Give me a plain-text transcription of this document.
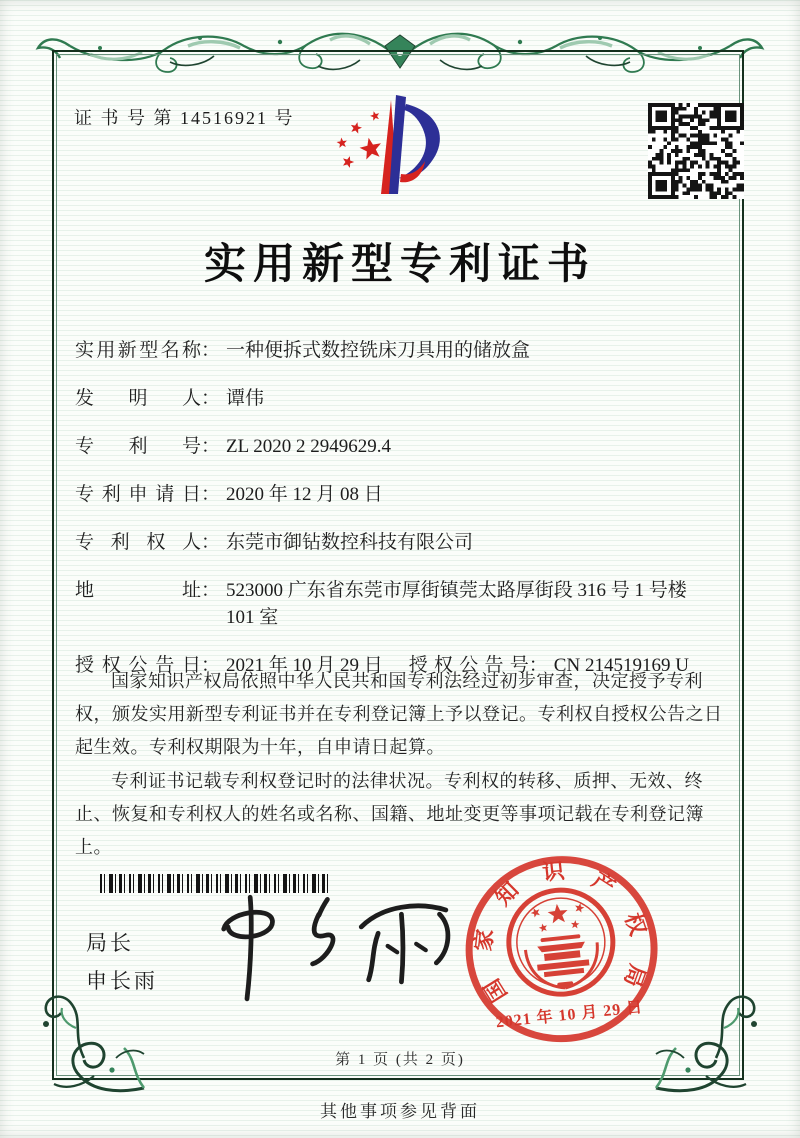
证 书 号 第 14516921 号
实用新型专利证书
实用新型名称 ： 一种便拆式数控铣床刀具用的储放盒
发明人 ： 谭伟
专利号 ： ZL 2020 2 2949629.4
专利申请日 ： 2020 年 12 月 08 日
专利权人 ： 东莞市御钻数控科技有限公司
地址 ： 523000 广东省东莞市厚街镇莞太路厚街段 316 号 1 号楼 101 室
授权公告日 ： 2021 年 10 月 29 日 授权公告号 ： CN 214519169 U

国家知识产权局依照中华人民共和国专利法经过初步审查，决定授予专利权，颁发实用新型专利证书并在专利登记簿上予以登记。专利权自授权公告之日起生效。专利权期限为十年，自申请日起算。

专利证书记载专利权登记时的法律状况。专利权的转移、质押、无效、终止、恢复和专利权人的姓名或名称、国籍、地址变更等事项记载在专利登记簿上。

局长
申长雨	国
家
知
识 产
权
局
2021 年 10 月 29 日
第 1 页 (共 2 页)
其他事项参见背面
